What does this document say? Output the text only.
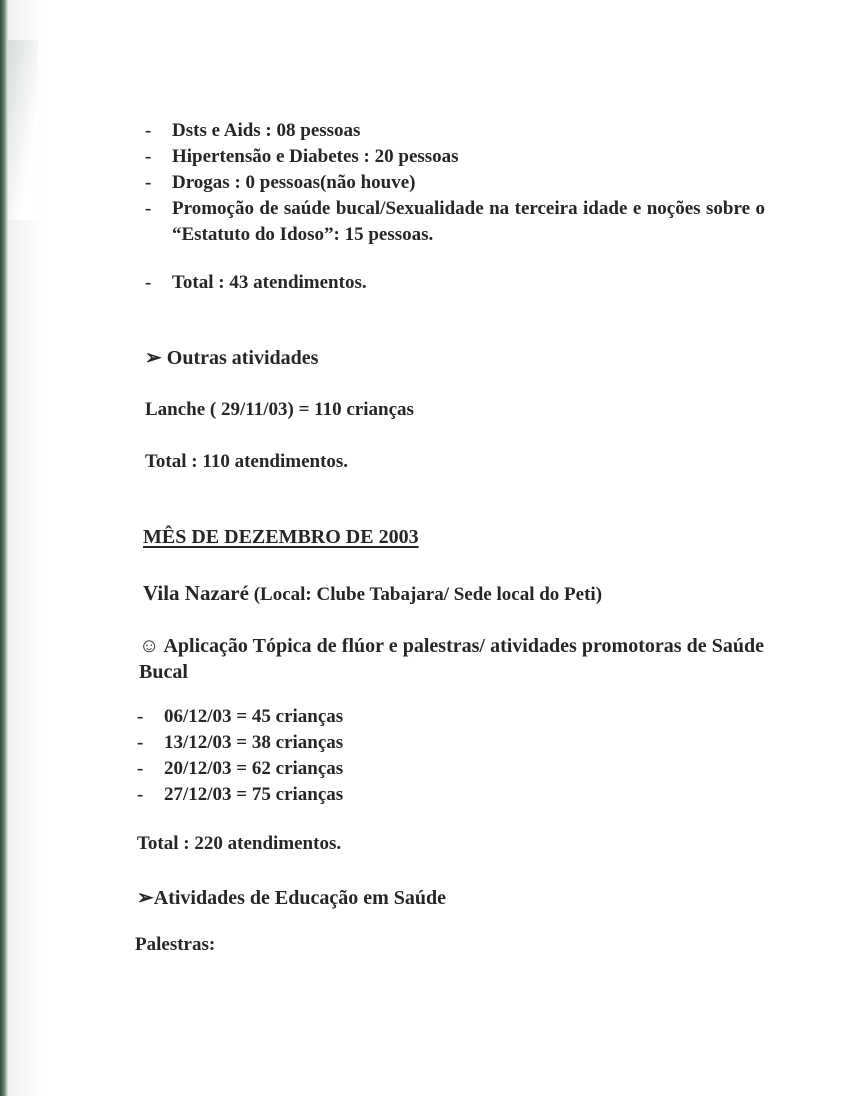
- Dsts e Aids : 08 pessoas
- Hipertensão e Diabetes : 20 pessoas
- Drogas : 0 pessoas(não houve)
- Promoção de saúde bucal/Sexualidade na terceira idade e noções sobre o “Estatuto do Idoso”: 15 pessoas.
- Total : 43 atendimentos.
➢ Outras atividades
Lanche ( 29/11/03) = 110 crianças
Total : 110 atendimentos.
MÊS DE DEZEMBRO DE 2003
Vila Nazaré (Local: Clube Tabajara/ Sede local do Peti)
☺ Aplicação Tópica de flúor e palestras/ atividades promotoras de Saúde Bucal
- 06/12/03 = 45 crianças
- 13/12/03 = 38 crianças
- 20/12/03 = 62 crianças
- 27/12/03 = 75 crianças
Total : 220 atendimentos.
➢Atividades de Educação em Saúde
Palestras:
